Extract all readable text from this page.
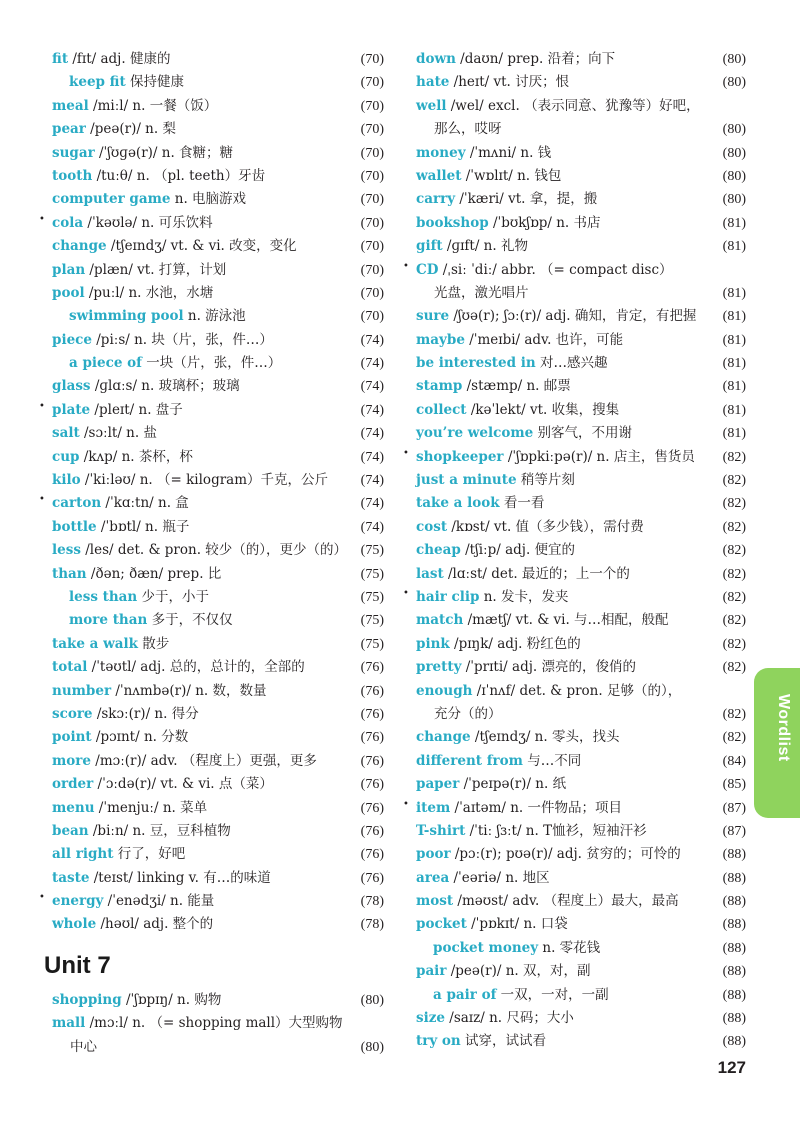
fit /fɪt/ adj. 健康的	(70)
keep fit 保持健康	(70)
meal /miːl/ n. 一餐（饭）	(70)
pear /peə(r)/ n. 梨	(70)
sugar /ˈʃʊɡə(r)/ n. 食糖；糖	(70)
tooth /tuːθ/ n. （pl. teeth）牙齿	(70)
computer game n. 电脑游戏	(70)
• cola /ˈkəʊlə/ n. 可乐饮料	(70)
change /tʃeɪndʒ/ vt. & vi. 改变，变化	(70)
plan /plæn/ vt. 打算，计划	(70)
pool /puːl/ n. 水池，水塘	(70)
swimming pool n. 游泳池	(70)
piece /piːs/ n. 块（片，张，件…）	(74)
a piece of 一块（片，张，件…）	(74)
glass /ɡlɑːs/ n. 玻璃杯；玻璃	(74)
• plate /pleɪt/ n. 盘子	(74)
salt /sɔːlt/ n. 盐	(74)
cup /kʌp/ n. 茶杯，杯	(74)
kilo /ˈkiːləʊ/ n. （= kilogram）千克，公斤 (74)
• carton /ˈkɑːtn/ n. 盒	(74)
bottle /ˈbɒtl/ n. 瓶子	(74)
less /les/ det. & pron. 较少（的），更少（的） (75)
than /ðən; ðæn/ prep. 比	(75)
less than 少于，小于	(75)
more than 多于，不仅仅	(75)
take a walk 散步	(75)
total /ˈtəʊtl/ adj. 总的，总计的，全部的	(76)
number /ˈnʌmbə(r)/ n. 数，数量	(76)
score /skɔː(r)/ n. 得分	(76)
point /pɔɪnt/ n. 分数	(76)
more /mɔː(r)/ adv. （程度上）更强，更多	(76)
order /ˈɔːdə(r)/ vt. & vi. 点（菜）	(76)
menu /ˈmenjuː/ n. 菜单	(76)
bean /biːn/ n. 豆，豆科植物	(76)
all right 行了，好吧	(76)
taste /teɪst/ linking v. 有…的味道	(76)
• energy /ˈenədʒi/ n. 能量	(78)
whole /həʊl/ adj. 整个的	(78)
Unit 7
shopping /ˈʃɒpɪŋ/ n. 购物	(80)
mall /mɔːl/ n. （= shopping mall）大型购物
中心	(80)
down /daʊn/ prep. 沿着；向下	(80)
hate /heɪt/ vt. 讨厌；恨	(80)
well /wel/ excl. （表示同意、犹豫等）好吧，
那么，哎呀	(80)
money /ˈmʌni/ n. 钱	(80)
wallet /ˈwɒlɪt/ n. 钱包	(80)
carry /ˈkæri/ vt. 拿，提，搬	(80)
bookshop /ˈbʊkʃɒp/ n. 书店	(81)
gift /ɡɪft/ n. 礼物	(81)
• CD /ˌsiː ˈdiː/ abbr. （= compact disc）
光盘，激光唱片	(81)
sure /ʃʊə(r); ʃɔː(r)/ adj. 确知，肯定，有把握 (81)
maybe /ˈmeɪbi/ adv. 也许，可能	(81)
be interested in 对…感兴趣	(81)
stamp /stæmp/ n. 邮票	(81)
collect /kəˈlekt/ vt. 收集，搜集	(81)
you’re welcome 别客气，不用谢	(81)
• shopkeeper /ˈʃɒpkiːpə(r)/ n. 店主，售货员 (82)
just a minute 稍等片刻	(82)
take a look 看一看	(82)
cost /kɒst/ vt. 值（多少钱），需付费	(82)
cheap /tʃiːp/ adj. 便宜的	(82)
last /lɑːst/ det. 最近的；上一个的	(82)
• hair clip n. 发卡，发夹	(82)
match /mætʃ/ vt. & vi. 与…相配，般配	(82)
pink /pɪŋk/ adj. 粉红色的	(82)
pretty /ˈprɪti/ adj. 漂亮的，俊俏的	(82)
enough /ɪˈnʌf/ det. & pron. 足够（的），
充分（的）	(82)
change /tʃeɪndʒ/ n. 零头，找头	(82)
different from 与…不同	(84)
paper /ˈpeɪpə(r)/ n. 纸	(85)
• item /ˈaɪtəm/ n. 一件物品；项目	(87)
T-shirt /ˈtiː ʃɜːt/ n. T恤衫，短袖汗衫	(87)
poor /pɔː(r); pʊə(r)/ adj. 贫穷的；可怜的	(88)
area /ˈeəriə/ n. 地区	(88)
most /məʊst/ adv. （程度上）最大，最高	(88)
pocket /ˈpɒkɪt/ n. 口袋	(88)
pocket money n. 零花钱	(88)
pair /peə(r)/ n. 双，对，副	(88)
a pair of 一双，一对，一副	(88)
size /saɪz/ n. 尺码；大小	(88)
try on 试穿，试试看	(88)
Wordlist
127
